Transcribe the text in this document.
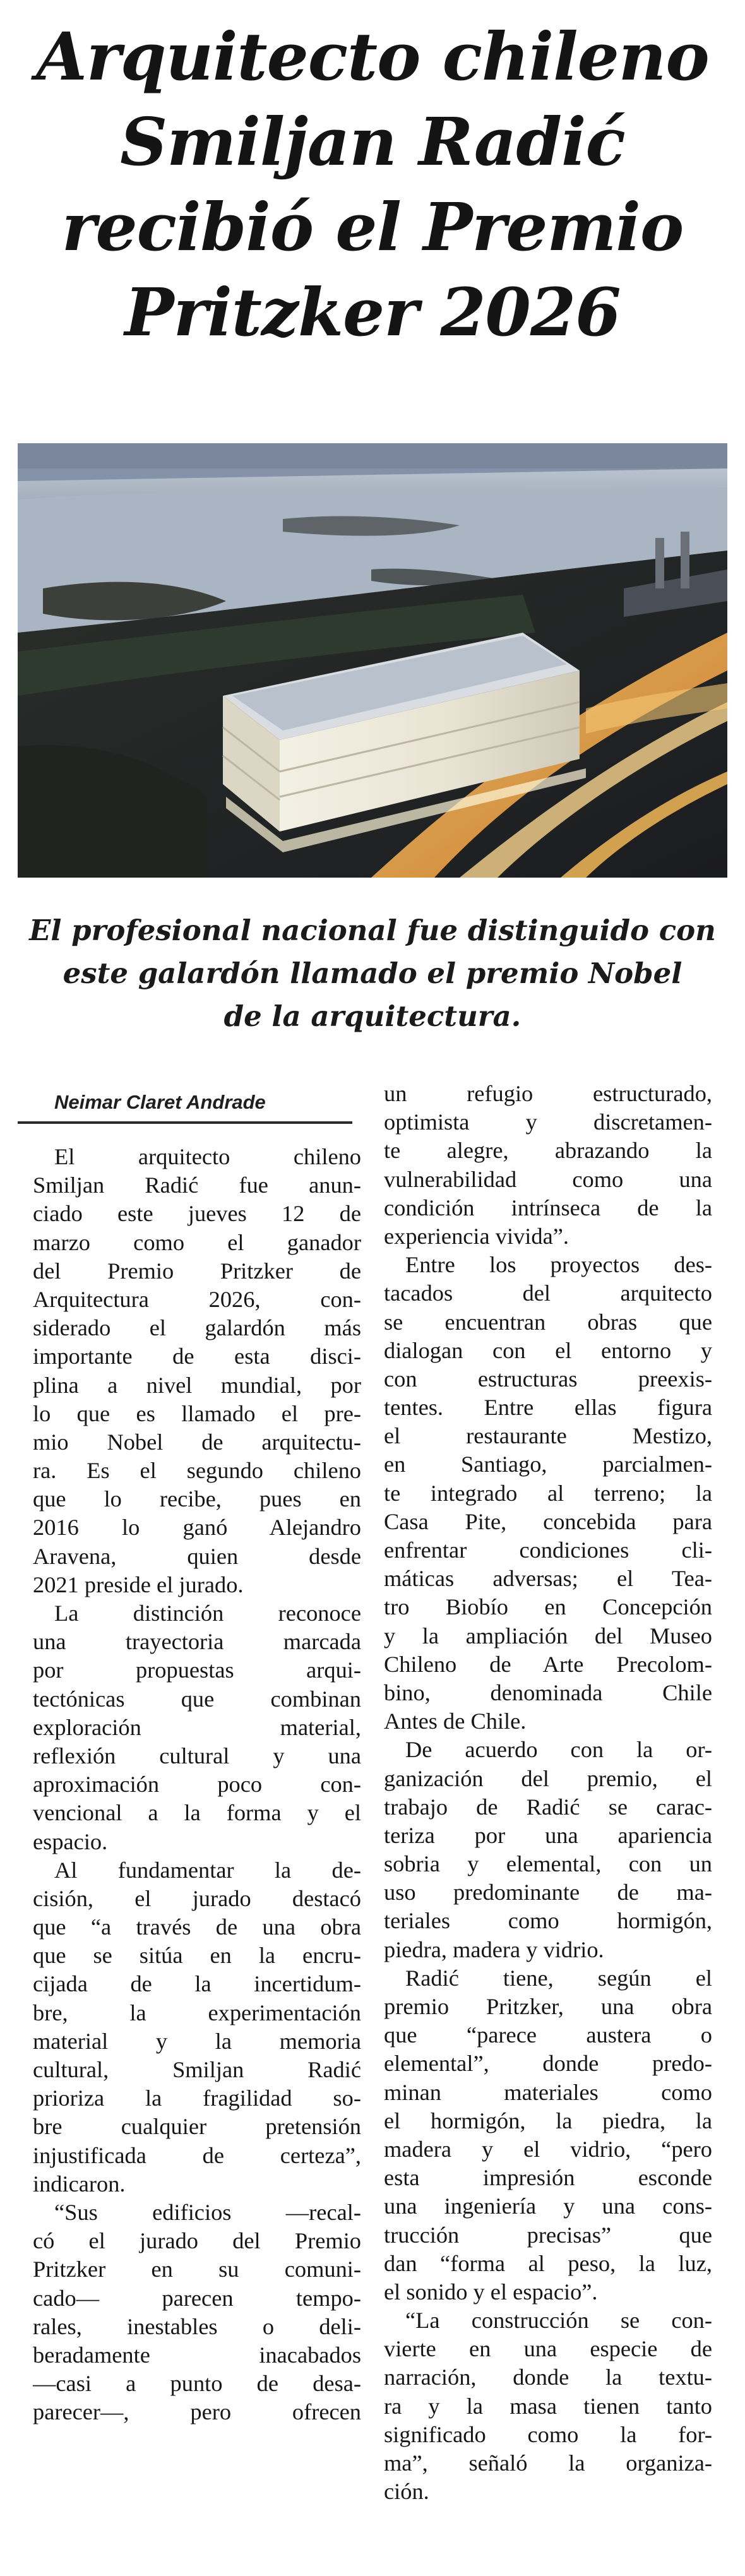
Arquitecto chileno
Smiljan Radić
recibió el Premio
Pritzker 2026
El profesional nacional fue distinguido con
este galardón llamado el premio Nobel
de la arquitectura.
Neimar Claret Andrade
El arquitecto chileno
Smiljan Radić fue anun-
ciado este jueves 12 de
marzo como el ganador
del Premio Pritzker de
Arquitectura 2026, con-
siderado el galardón más
importante de esta disci-
plina a nivel mundial, por
lo que es llamado el pre-
mio Nobel de arquitectu-
ra. Es el segundo chileno
que lo recibe, pues en
2016 lo ganó Alejandro
Aravena, quien desde
2021 preside el jurado.
La distinción reconoce
una trayectoria marcada
por propuestas arqui-
tectónicas que combinan
exploración material,
reflexión cultural y una
aproximación poco con-
vencional a la forma y el
espacio.
Al fundamentar la de-
cisión, el jurado destacó
que “a través de una obra
que se sitúa en la encru-
cijada de la incertidum-
bre, la experimentación
material y la memoria
cultural, Smiljan Radić
prioriza la fragilidad so-
bre cualquier pretensión
injustificada de certeza”,
indicaron.
“Sus edificios —recal-
có el jurado del Premio
Pritzker en su comuni-
cado— parecen tempo-
rales, inestables o deli-
beradamente inacabados
—casi a punto de desa-
parecer—, pero ofrecen
un refugio estructurado,
optimista y discretamen-
te alegre, abrazando la
vulnerabilidad como una
condición intrínseca de la
experiencia vivida”.
Entre los proyectos des-
tacados del arquitecto
se encuentran obras que
dialogan con el entorno y
con estructuras preexis-
tentes. Entre ellas figura
el restaurante Mestizo,
en Santiago, parcialmen-
te integrado al terreno; la
Casa Pite, concebida para
enfrentar condiciones cli-
máticas adversas; el Tea-
tro Biobío en Concepción
y la ampliación del Museo
Chileno de Arte Precolom-
bino, denominada Chile
Antes de Chile.
De acuerdo con la or-
ganización del premio, el
trabajo de Radić se carac-
teriza por una apariencia
sobria y elemental, con un
uso predominante de ma-
teriales como hormigón,
piedra, madera y vidrio.
Radić tiene, según el
premio Pritzker, una obra
que “parece austera o
elemental”, donde predo-
minan materiales como
el hormigón, la piedra, la
madera y el vidrio, “pero
esta impresión esconde
una ingeniería y una cons-
trucción precisas” que
dan “forma al peso, la luz,
el sonido y el espacio”.
“La construcción se con-
vierte en una especie de
narración, donde la textu-
ra y la masa tienen tanto
significado como la for-
ma”, señaló la organiza-
ción.
